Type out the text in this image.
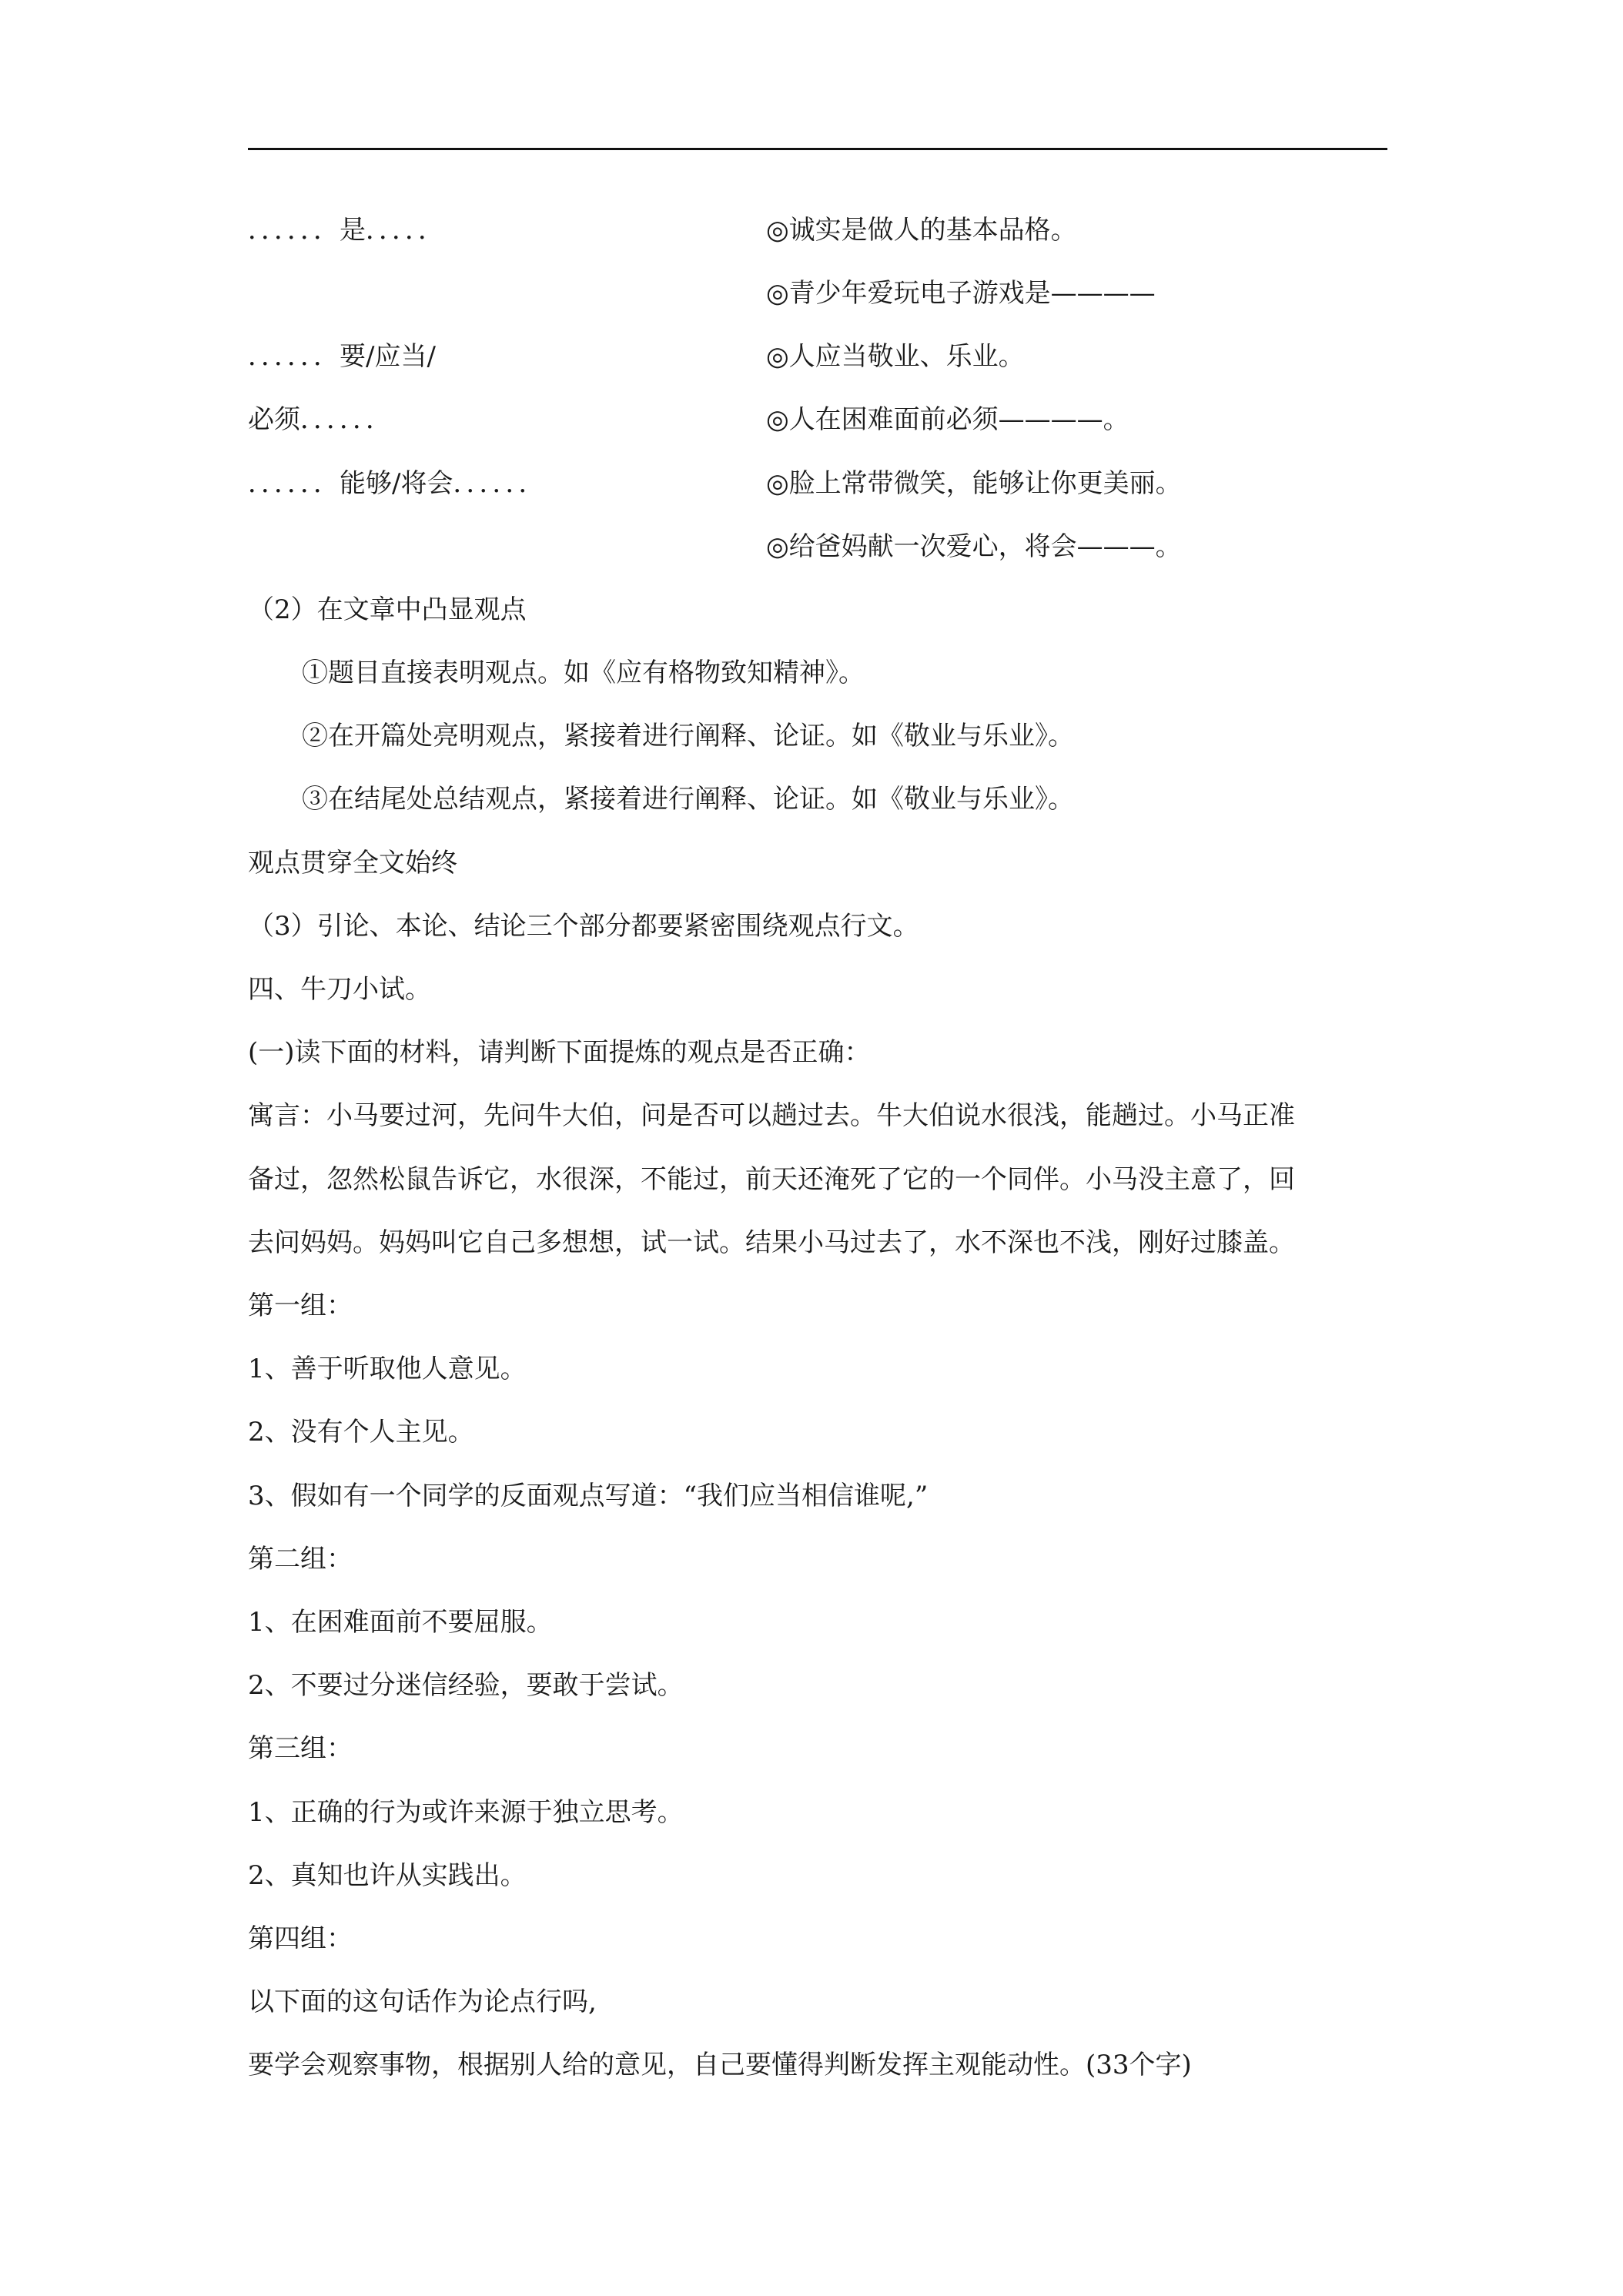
．．．．．．是．．．．．	◎诚实是做人的基本品格。
◎青少年爱玩电子游戏是————
．．．．．．要/应当/	◎人应当敬业、乐业。
必须．．．．．．	◎人在困难面前必须————。
．．．．．．能够/将会．．．．．．	◎脸上常带微笑，能够让你更美丽。
◎给爸妈献一次爱心，将会———。
（2）在文章中凸显观点
①题目直接表明观点。如《应有格物致知精神》。
②在开篇处亮明观点，紧接着进行阐释、论证。如《敬业与乐业》。
③在结尾处总结观点，紧接着进行阐释、论证。如《敬业与乐业》。
观点贯穿全文始终
（3）引论、本论、结论三个部分都要紧密围绕观点行文。
四、牛刀小试。
(一)读下面的材料，请判断下面提炼的观点是否正确：
寓言：小马要过河，先问牛大伯，问是否可以趟过去。牛大伯说水很浅，能趟过。小马正准
备过，忽然松鼠告诉它，水很深，不能过，前天还淹死了它的一个同伴。小马没主意了，回
去问妈妈。妈妈叫它自己多想想，试一试。结果小马过去了，水不深也不浅，刚好过膝盖。
第一组：
1、善于听取他人意见。
2、没有个人主见。
3、假如有一个同学的反面观点写道：“我们应当相信谁呢,”
第二组：
1、在困难面前不要屈服。
2、不要过分迷信经验，要敢于尝试。
第三组：
1、正确的行为或许来源于独立思考。
2、真知也许从实践出。
第四组：
以下面的这句话作为论点行吗,
要学会观察事物，根据别人给的意见，自己要懂得判断发挥主观能动性。(33个字)
